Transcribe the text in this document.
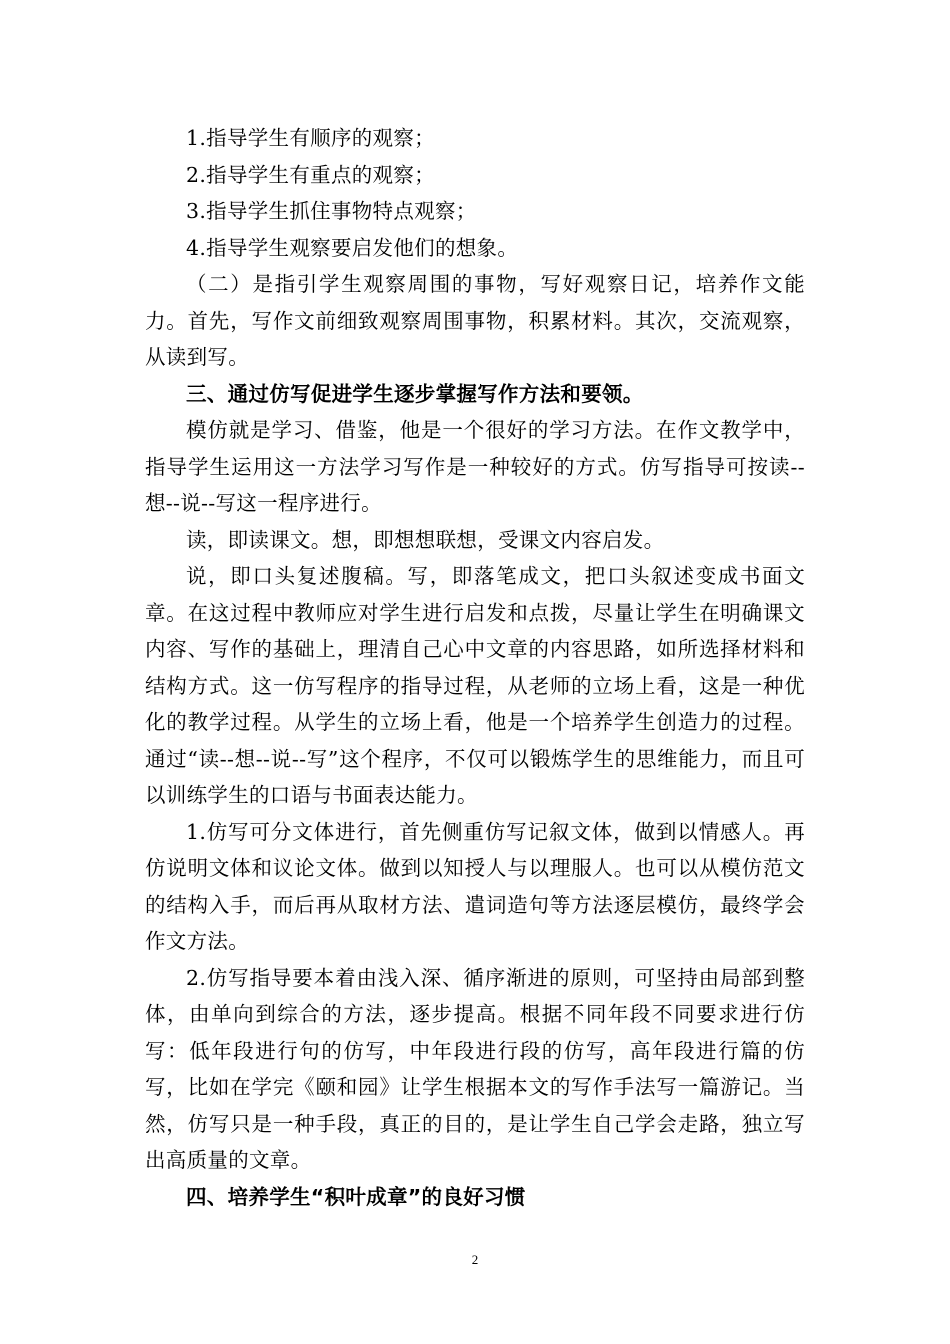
1.指导学生有顺序的观察；

2.指导学生有重点的观察；

3.指导学生抓住事物特点观察；

4.指导学生观察要启发他们的想象。

（二）是指引学生观察周围的事物，写好观察日记，培养作文能力。首先，写作文前细致观察周围事物，积累材料。其次，交流观察，从读到写。

三、通过仿写促进学生逐步掌握写作方法和要领。

模仿就是学习、借鉴，他是一个很好的学习方法。在作文教学中，指导学生运用这一方法学习写作是一种较好的方式。仿写指导可按读--想--说--写这一程序进行。

读，即读课文。想，即想想联想，受课文内容启发。

说，即口头复述腹稿。写，即落笔成文，把口头叙述变成书面文章。在这过程中教师应对学生进行启发和点拨，尽量让学生在明确课文内容、写作的基础上，理清自己心中文章的内容思路，如所选择材料和结构方式。这一仿写程序的指导过程，从老师的立场上看，这是一种优化的教学过程。从学生的立场上看，他是一个培养学生创造力的过程。通过“读--想--说--写”这个程序，不仅可以锻炼学生的思维能力，而且可以训练学生的口语与书面表达能力。

1.仿写可分文体进行，首先侧重仿写记叙文体，做到以情感人。再仿说明文体和议论文体。做到以知授人与以理服人。也可以从模仿范文的结构入手，而后再从取材方法、遣词造句等方法逐层模仿，最终学会作文方法。

2.仿写指导要本着由浅入深、循序渐进的原则，可坚持由局部到整体，由单向到综合的方法，逐步提高。根据不同年段不同要求进行仿写：低年段进行句的仿写，中年段进行段的仿写，高年段进行篇的仿写，比如在学完《颐和园》让学生根据本文的写作手法写一篇游记。当然，仿写只是一种手段，真正的目的，是让学生自己学会走路，独立写出高质量的文章。

四、培养学生“积叶成章”的良好习惯

2
